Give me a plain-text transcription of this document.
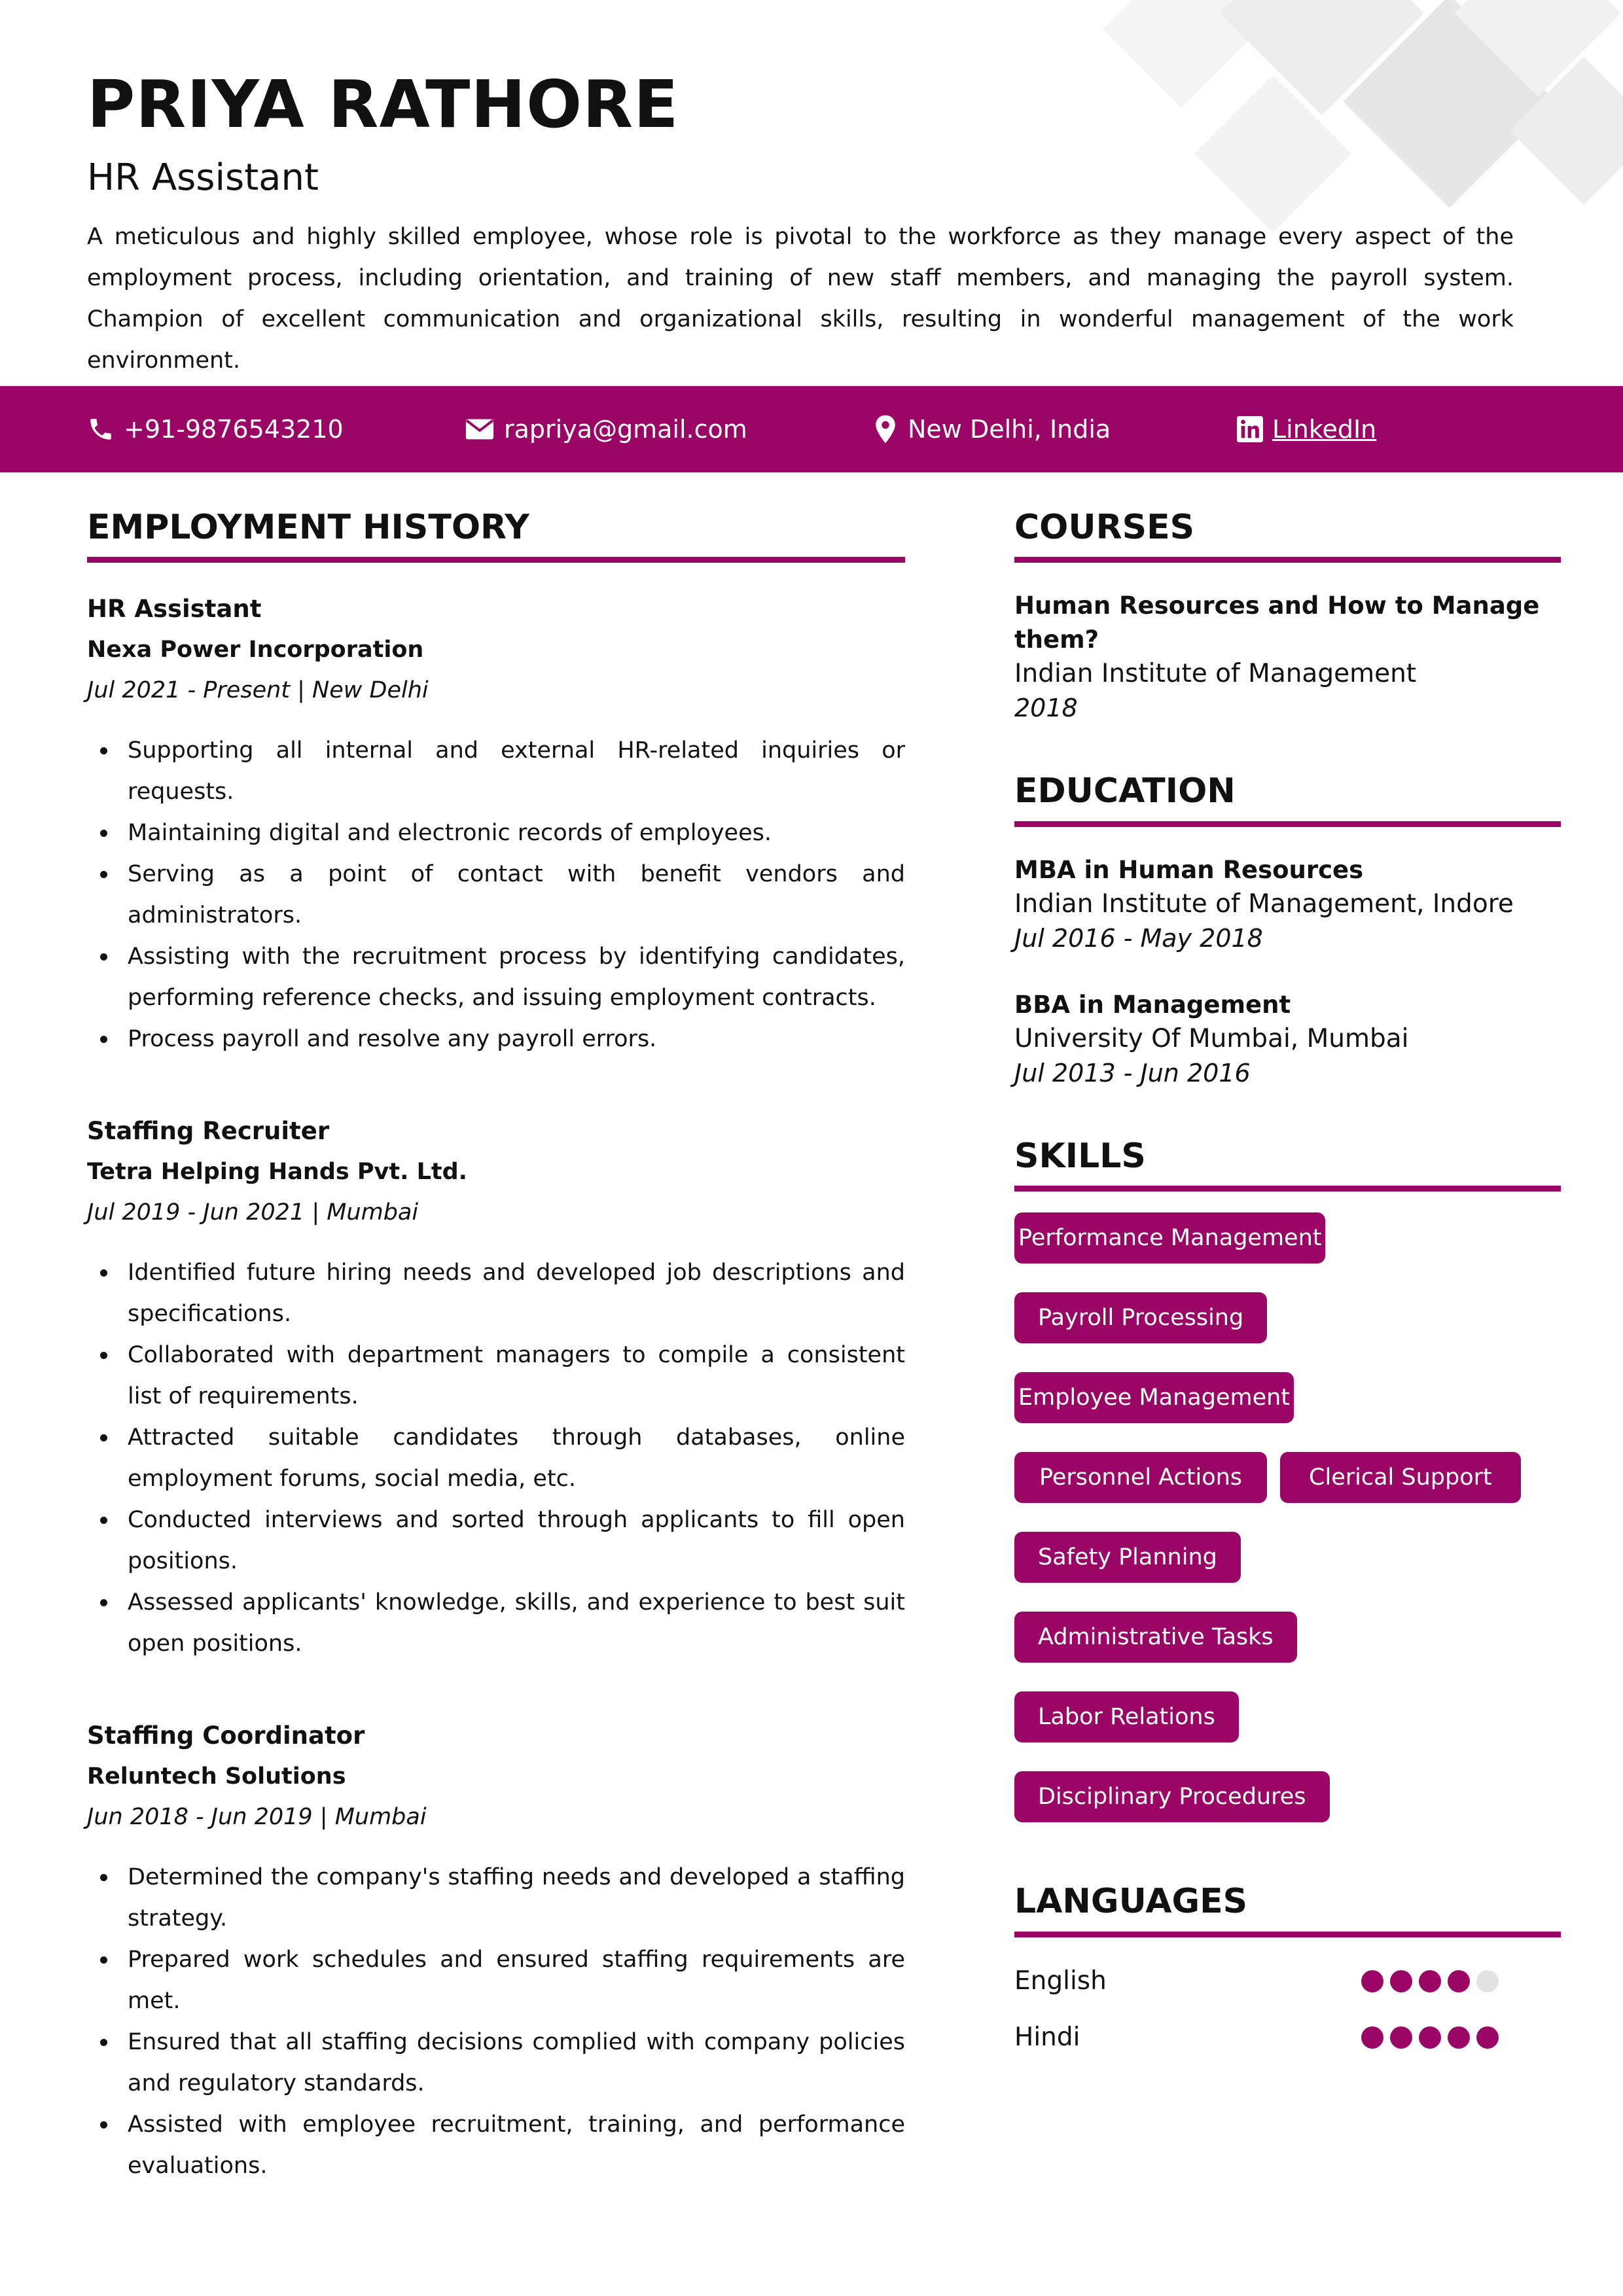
PRIYA RATHORE
HR Assistant
A meticulous and highly skilled employee, whose role is pivotal to the workforce as they manage every aspect of the employment process, including orientation, and training of new staff members, and managing the payroll system. Champion of excellent communication and organizational skills, resulting in wonderful management of the work environment.
+91-9876543210	rapriya@gmail.com	New Delhi, India	LinkedIn
EMPLOYMENT HISTORY
HR Assistant
Nexa Power Incorporation
Jul 2021 - Present | New Delhi
Supporting all internal and external HR-related inquiries or requests.
Maintaining digital and electronic records of employees.
Serving as a point of contact with benefit vendors and administrators.
Assisting with the recruitment process by identifying candidates, performing reference checks, and issuing employment contracts.
Process payroll and resolve any payroll errors.
Staffing Recruiter
Tetra Helping Hands Pvt. Ltd.
Jul 2019 - Jun 2021 | Mumbai
Identified future hiring needs and developed job descriptions and specifications.
Collaborated with department managers to compile a consistent list of requirements.
Attracted suitable candidates through databases, online employment forums, social media, etc.
Conducted interviews and sorted through applicants to fill open positions.
Assessed applicants' knowledge, skills, and experience to best suit open positions.
Staffing Coordinator
Reluntech Solutions
Jun 2018 - Jun 2019 | Mumbai
Determined the company's staffing needs and developed a staffing strategy.
Prepared work schedules and ensured staffing requirements are met.
Ensured that all staffing decisions complied with company policies and regulatory standards.
Assisted with employee recruitment, training, and performance evaluations.
COURSES
Human Resources and How to Manage them?
Indian Institute of Management
2018
EDUCATION
MBA in Human Resources
Indian Institute of Management, Indore
Jul 2016 - May 2018
BBA in Management
University Of Mumbai, Mumbai
Jul 2013 - Jun 2016
SKILLS
Performance Management
Payroll Processing
Employee Management
Personnel Actions	Clerical Support
Safety Planning
Administrative Tasks
Labor Relations
Disciplinary Procedures
LANGUAGES
English
Hindi
